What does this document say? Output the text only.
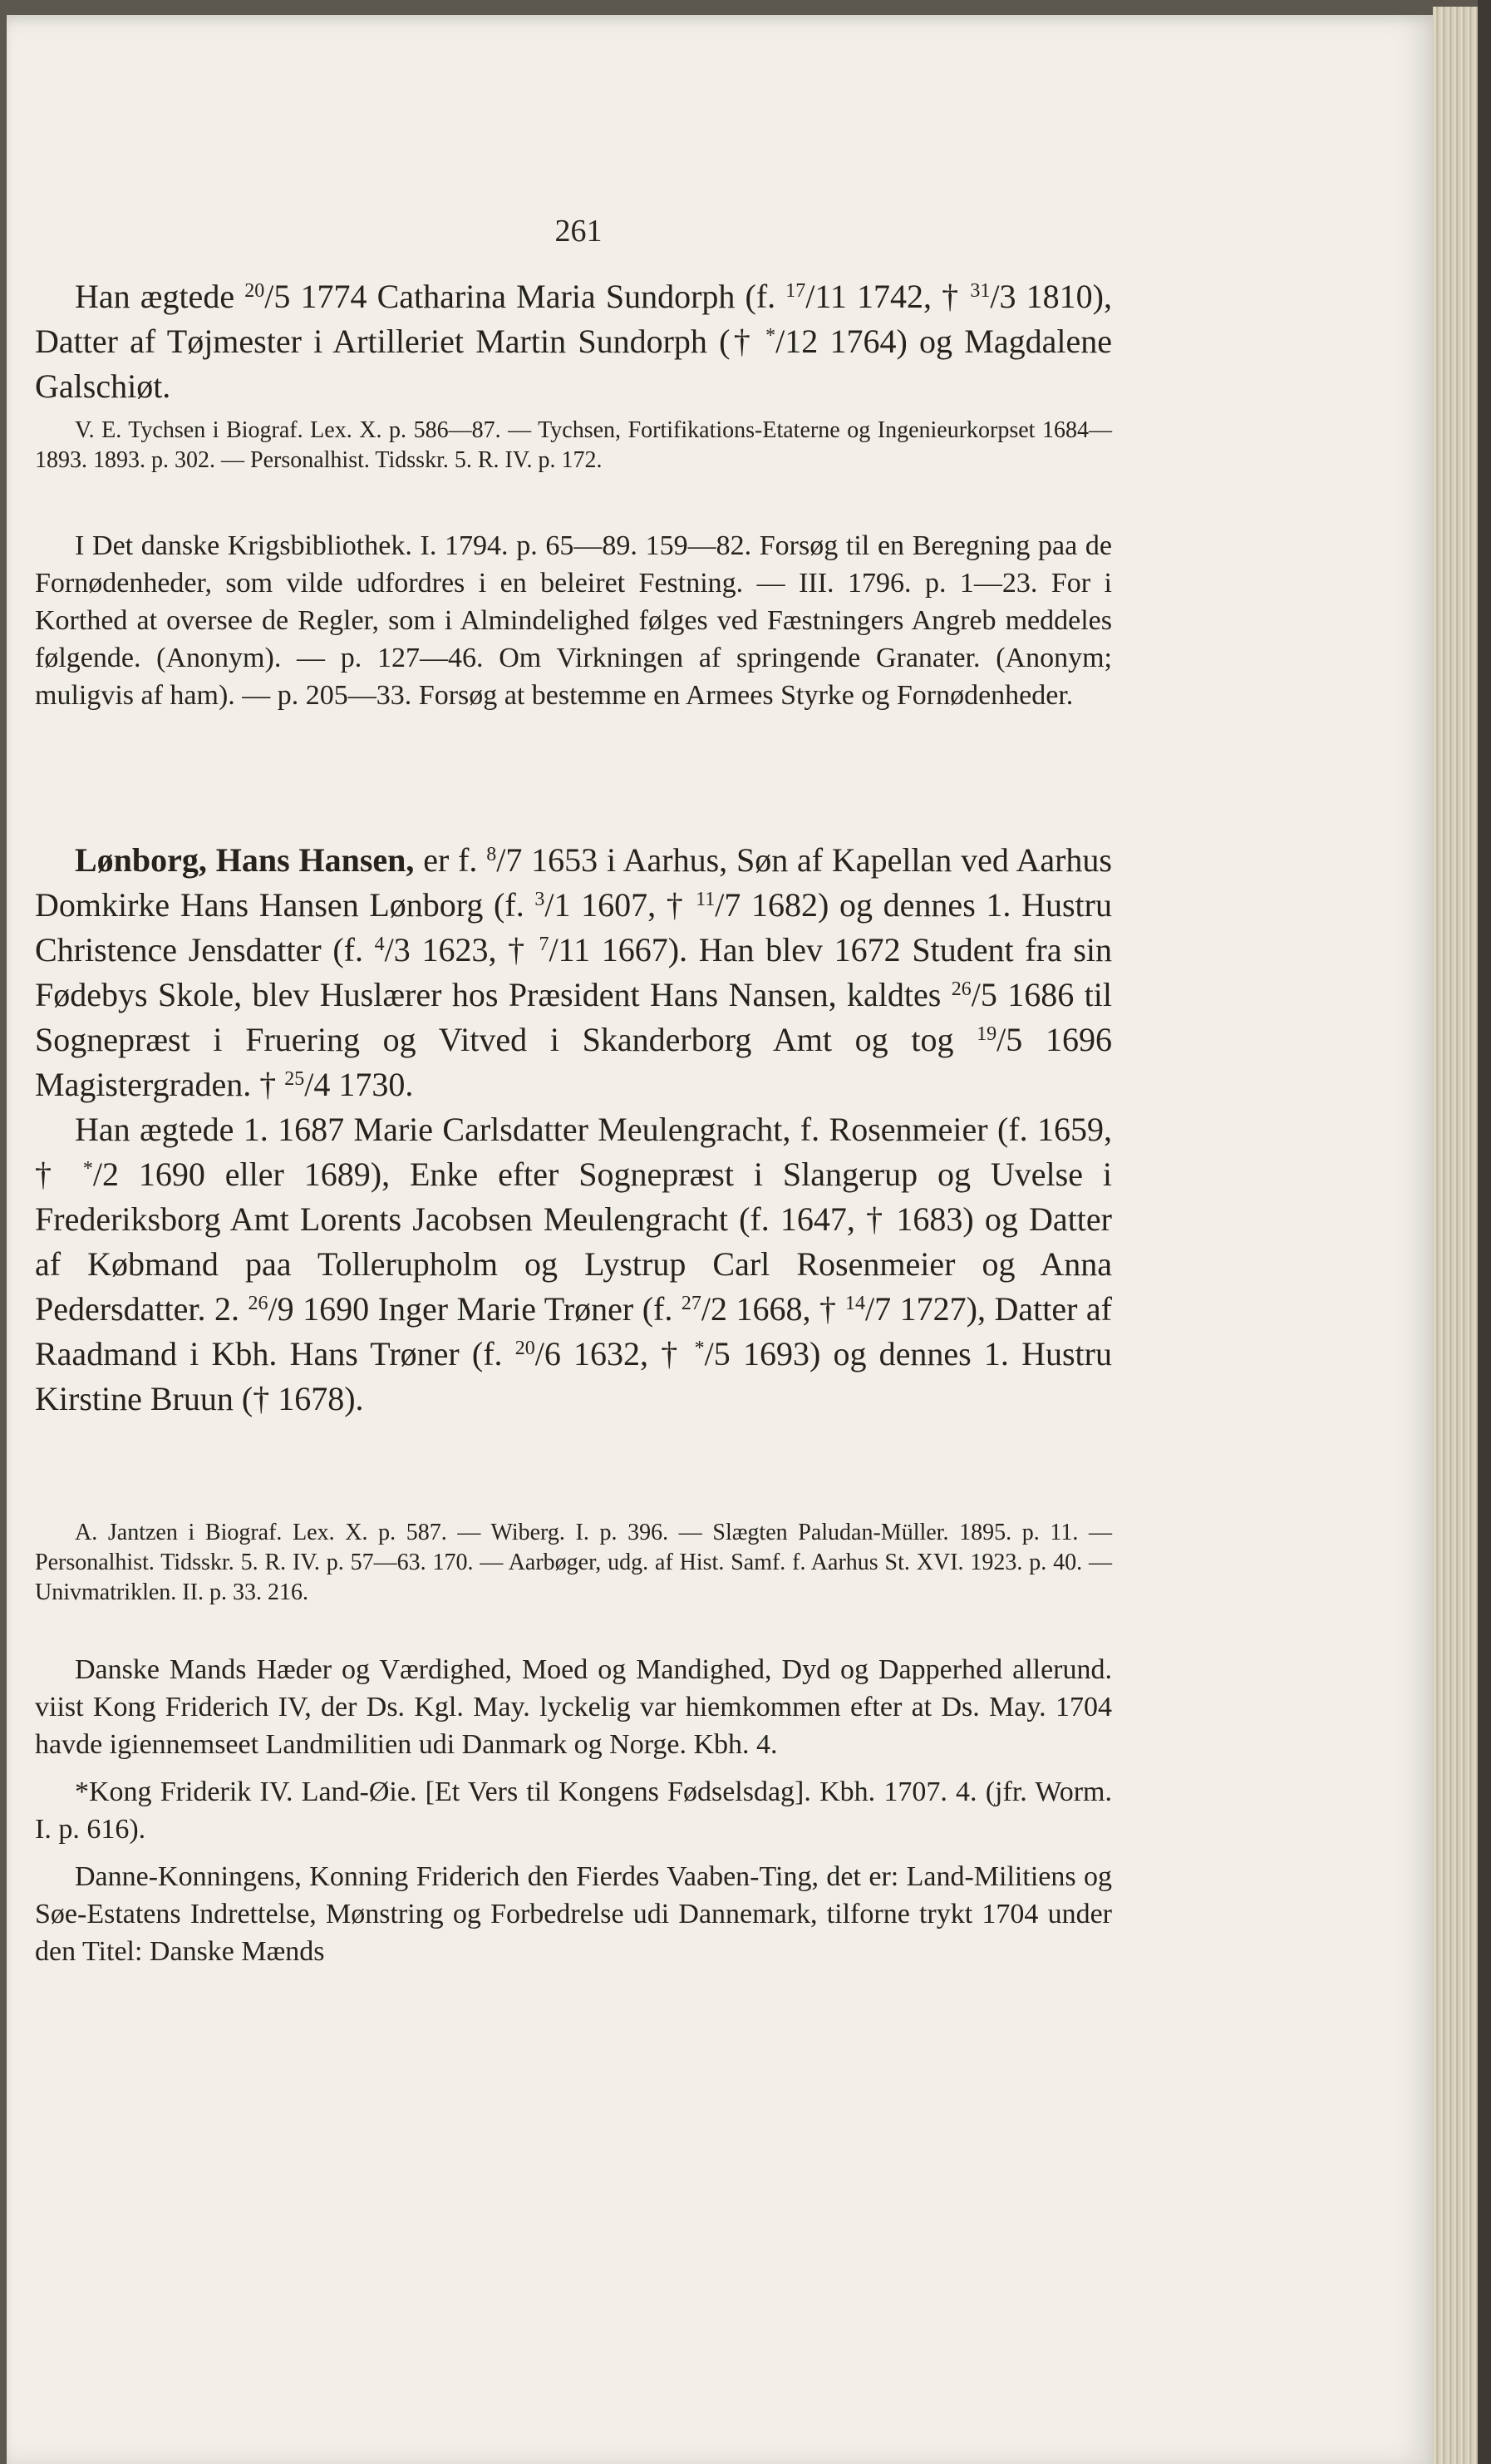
261

Han ægtede $^{20}$/5 1774 Catharina Maria Sundorph (f. $^{17}$/11 1742, † $^{31}$/3 1810), Datter af Tøjmester i Artilleriet Martin Sundorph († */12 1764) og Magdalene Galschiøt.

V. E. Tychsen i Biograf. Lex. X. p. 586—87. — Tychsen, Fortifikations-Etaterne og Ingenieurkorpset 1684—1893. 1893. p. 302. — Personalhist. Tidsskr. 5. R. IV. p. 172.

I Det danske Krigsbibliothek. I. 1794. p. 65—89. 159—82. Forsøg til en Beregning paa de Fornødenheder, som vilde udfordres i en beleiret Festning. — III. 1796. p. 1—23. For i Korthed at oversee de Regler, som i Almindelighed følges ved Fæstningers Angreb meddeles følgende. (Anonym). — p. 127—46. Om Virkningen af springende Granater. (Anonym; muligvis af ham). — p. 205—33. Forsøg at bestemme en Armees Styrke og Fornødenheder.

Lønborg, Hans Hansen, er f. $^8$/7 1653 i Aarhus, Søn af Kapellan ved Aarhus Domkirke Hans Hansen Lønborg (f. $^3$/1 1607, † $^{11}$/7 1682) og dennes 1. Hustru Christence Jensdatter (f. $^4$/3 1623, † $^7$/11 1667). Han blev 1672 Student fra sin Fødebys Skole, blev Huslærer hos Præsident Hans Nansen, kaldtes $^{26}$/5 1686 til Sognepræst i Fruering og Vitved i Skanderborg Amt og tog $^{19}$/5 1696 Magistergraden. † $^{25}$/4 1730.

Han ægtede 1. 1687 Marie Carlsdatter Meulengracht, f. Rosenmeier (f. 1659, † */2 1690 eller 1689), Enke efter Sognepræst i Slangerup og Uvelse i Frederiksborg Amt Lorents Jacobsen Meulengracht (f. 1647, † 1683) og Datter af Købmand paa Tollerupholm og Lystrup Carl Rosenmeier og Anna Pedersdatter. 2. $^{26}$/9 1690 Inger Marie Trøner (f. $^{27}$/2 1668, † $^{14}$/7 1727), Datter af Raadmand i Kbh. Hans Trøner (f. $^{20}$/6 1632, † */5 1693) og dennes 1. Hustru Kirstine Bruun († 1678).

A. Jantzen i Biograf. Lex. X. p. 587. — Wiberg. I. p. 396. — Slægten Paludan-Müller. 1895. p. 11. — Personalhist. Tidsskr. 5. R. IV. p. 57—63. 170. — Aarbøger, udg. af Hist. Samf. f. Aarhus St. XVI. 1923. p. 40. — Univmatriklen. II. p. 33. 216.

Danske Mands Hæder og Værdighed, Moed og Mandighed, Dyd og Dapperhed allerund. viist Kong Friderich IV, der Ds. Kgl. May. lyckelig var hiemkommen efter at Ds. May. 1704 havde igiennemseet Landmilitien udi Danmark og Norge. Kbh. 4.

*Kong Friderik IV. Land-Øie. [Et Vers til Kongens Fødselsdag]. Kbh. 1707. 4. (jfr. Worm. I. p. 616).

Danne-Konningens, Konning Friderich den Fierdes Vaaben-Ting, det er: Land-Militiens og Søe-Estatens Indrettelse, Mønstring og Forbedrelse udi Dannemark, tilforne trykt 1704 under den Titel: Danske Mænds
